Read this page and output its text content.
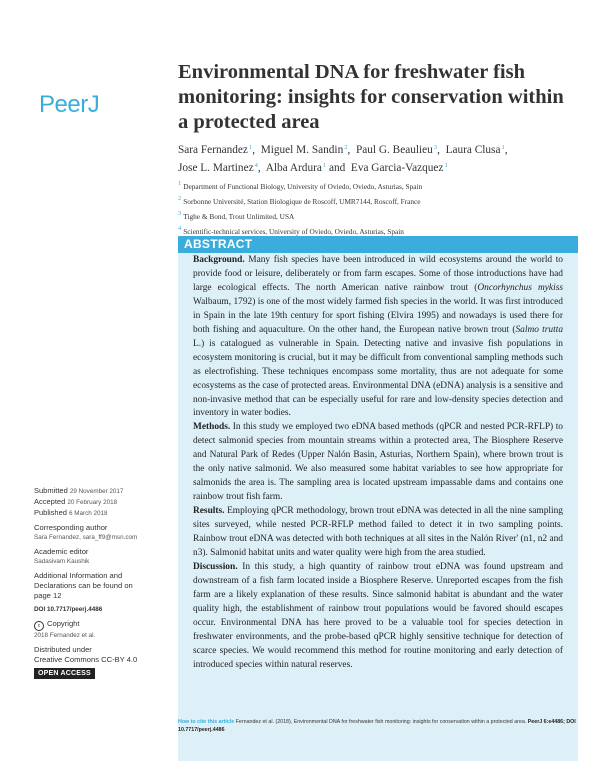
PeerJ
Environmental DNA for freshwater fish monitoring: insights for conservation within a protected area
Sara Fernandez$^1$,  Miguel M. Sandin$^2$,  Paul G. Beaulieu$^3$,  Laura Clusa$^1$,
Jose L. Martinez$^4$,  Alba Ardura$^1$ and  Eva Garcia-Vazquez$^1$
$^1$ Department of Functional Biology, University of Oviedo, Oviedo, Asturias, Spain
$^2$ Sorbonne Université, Station Biologique de Roscoff, UMR7144, Roscoff, France
$^3$ Tighe & Bond, Trout Unlimited, USA
$^4$ Scientific-technical services, University of Oviedo, Oviedo, Asturias, Spain
ABSTRACT

Background. Many fish species have been introduced in wild ecosystems around the world to provide food or leisure, deliberately or from farm escapes. Some of those introductions have had large ecological effects. The north American native rainbow trout (Oncorhynchus mykiss Walbaum, 1792) is one of the most widely farmed fish species in the world. It was first introduced in Spain in the late 19th century for sport fishing (Elvira 1995) and nowadays is used there for both fishing and aquaculture. On the other hand, the European native brown trout (Salmo trutta L.) is catalogued as vulnerable in Spain. Detecting native and invasive fish populations in ecosystem monitoring is crucial, but it may be difficult from conventional sampling methods such as electrofishing. These techniques encompass some mortality, thus are not adequate for some ecosystems as the case of protected areas. Environmental DNA (eDNA) analysis is a sensitive and non-invasive method that can be especially useful for rare and low-density species detection and inventory in water bodies.

Methods. In this study we employed two eDNA based methods (qPCR and nested PCR-RFLP) to detect salmonid species from mountain streams within a protected area, The Biosphere Reserve and Natural Park of Redes (Upper Nalón Basin, Asturias, Northern Spain), where brown trout is the only native salmonid. We also measured some habitat variables to see how appropriate for salmonids the area is. The sampling area is located upstream impassable dams and contains one rainbow trout fish farm.

Results. Employing qPCR methodology, brown trout eDNA was detected in all the nine sampling sites surveyed, while nested PCR-RFLP method failed to detect it in two sampling points. Rainbow trout eDNA was detected with both techniques at all sites in the Nalón River' (n1, n2 and n3). Salmonid habitat units and water quality were high from the area studied.

Discussion. In this study, a high quantity of rainbow trout eDNA was found upstream and downstream of a fish farm located inside a Biosphere Reserve. Unreported escapes from the fish farm are a likely explanation of these results. Since salmonid habitat is abundant and the water quality high, the establishment of rainbow trout populations would be favored should escapes occur. Environmental DNA has here proved to be a valuable tool for species detection in freshwater environments, and the probe-based qPCR highly sensitive technique for detection of scarce species. We would recommend this method for routine monitoring and early detection of introduced species within natural reserves.

Submitted 29 November 2017
Accepted 20 February 2018
Published 6 March 2018
Corresponding author
Sara Fernandez, sara_ff9@msn.com
Academic editor
Sadasivam Kaushik
Additional Information and
Declarations can be found on
page 12
DOI 10.7717/peerj.4486
c Copyright
2018 Fernandez et al.
Distributed under
Creative Commons CC-BY 4.0
OPEN ACCESS
How to cite this article Fernandez et al. (2018), Environmental DNA for freshwater fish monitoring: insights for conservation within a protected area. PeerJ 6:e4486; DOI 10.7717/peerj.4486
